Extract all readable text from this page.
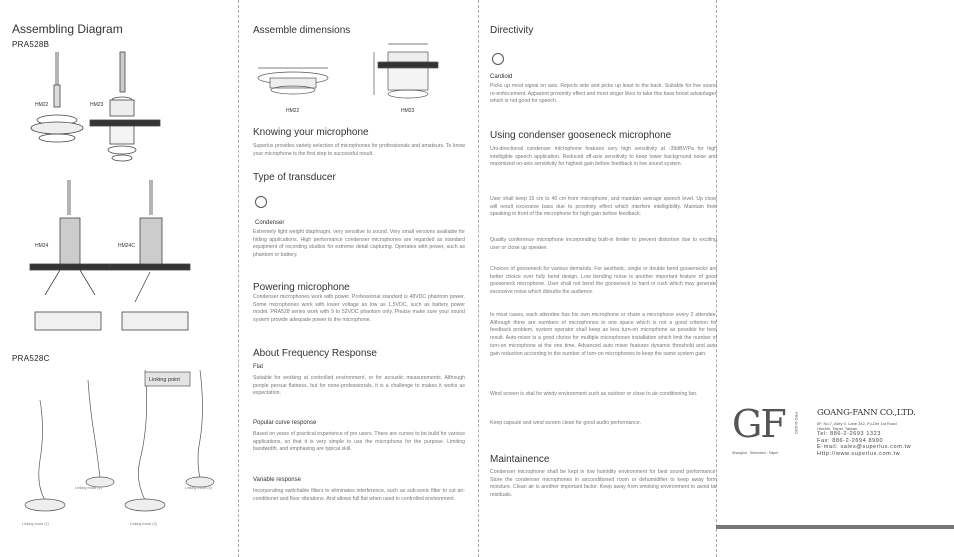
Assembling Diagram
PRA528B
HM22	HM23
HM24	HM24C
PRA528C
Linking point
Linking mode (1)
Linking mode (2)
Linking mode (3)
Linking mode (4)
Assemble dimensions
HM22	HM23
Knowing your microphone

Superlux provides variety selection of microphones for professionals and amateurs. To know your microphone is the first step to successful result.

Type of transducer
Condenser

Extremely light weight diaphragm, very sensitive to sound. Very small versions available for hiding applications. High performance condenser microphones are regarded as standard equipment of recording studios for extreme detail capturing. Operates with power, such as phantom or battery.

Powering microphone

Condenser microphones work with power. Professional standard is 48VDC phantom power. Some microphones work with lower voltage as low as 1.5VDC, such as battery power model. PRA528 series work with 9 to 52VDC phantom only. Please make sure your sound system provide adequate power to the microphone.

About Frequency Response
Flat

Suitable for working at controlled environment, or for acoustic measurements. Although people persue flatness, but for none-professionals, it is a challenge to makes it works as expectation.

Popular curve response

Based on years of practical experience of pro users. There are curves to be build for various applications, so that it is very simple to use the microphone for the purpose. Limiting bandwidth, and emphasing are typical skill.

Variable response

Incorporating switchable filters to eliminates interference, such as sub-sonic filter to cut air-conditioner and floor vibrations. And allows full flat when used in controlled environment.

Directivity
Cardioid

Picks up most signal on axis. Rejects side and picks up least to the back. Suitable for live sound re-enforcement. Apparent proximity effect and most singer likes to take this bass boost advantages which is not good for speech.

Using condenser gooseneck microphone

Uni-directional condenser microphone features very high sensitivity at -39dBV/Pa for high intelligible speech application. Reduced off-axis sensitivity to keep lower background noise and maximized on-axis sensitivity for highest gain before feedback in live sound system.

User shall keep 15 cm to 40 cm from microphone, and maintain average speech level. Up close will result excessive bass due to proximity effect which interfere intelligibility. Maintain their speaking in front of the microphone for high gain before feedback.

Quality conference microphone incorporating built-in limiter to prevent distortion due to exciting user or close up speaker.

Choices of gooseneck for various demands. For aesthetic, single or double bend goosenecks are better choice over fully bend design. Low bending noise is another important feature of good gooseneck microphone. User shall not bend the gooseneck to hard or rush which may generate excessive noise which disturbs the audience.

In most cases, each attendee has his own microphone or share a microphone every 2 attendee. Although there are numbers of microphones in one space which is not a good criterion for feedback problem, system operator shall keep as less turn-on microphone as possible for best result. Auto-mixer is a good choice for multiple microphones installation which limit the number of turn-on microphone at the one time. Advanced auto mixer features dynamic threshold and auto gain reduction according to the number of turn-on microphones to keep the same system gain.

Wind screen is vital for windy environment such as outdoor or close to air-conditioning fan.

Keep capsule and wind screen clean for good audio performance.

Maintainence

Condenser microphone shall be kept in low humidity environment for best sound performance. Store the condenser microphones in airconditioned room or dehumidifier to keep away form moisture. Clean air is another important factor. Keep away from smoking environment to avoid tar residuals.

GF PRO AUDIO
Shanghai · Shenzhen · Taipei
GOANG-FANN CO.,LTD.
5F, No.7, Alley 3, Lane 342, Fu-Der 1st Road
Hsichih, Taipei, Taiwan
Tel: 886-2-2693 1323
Fax: 886-2-2694 8990
E-mail: sales@superlux.com.tw
Http://www.superlux.com.tw
